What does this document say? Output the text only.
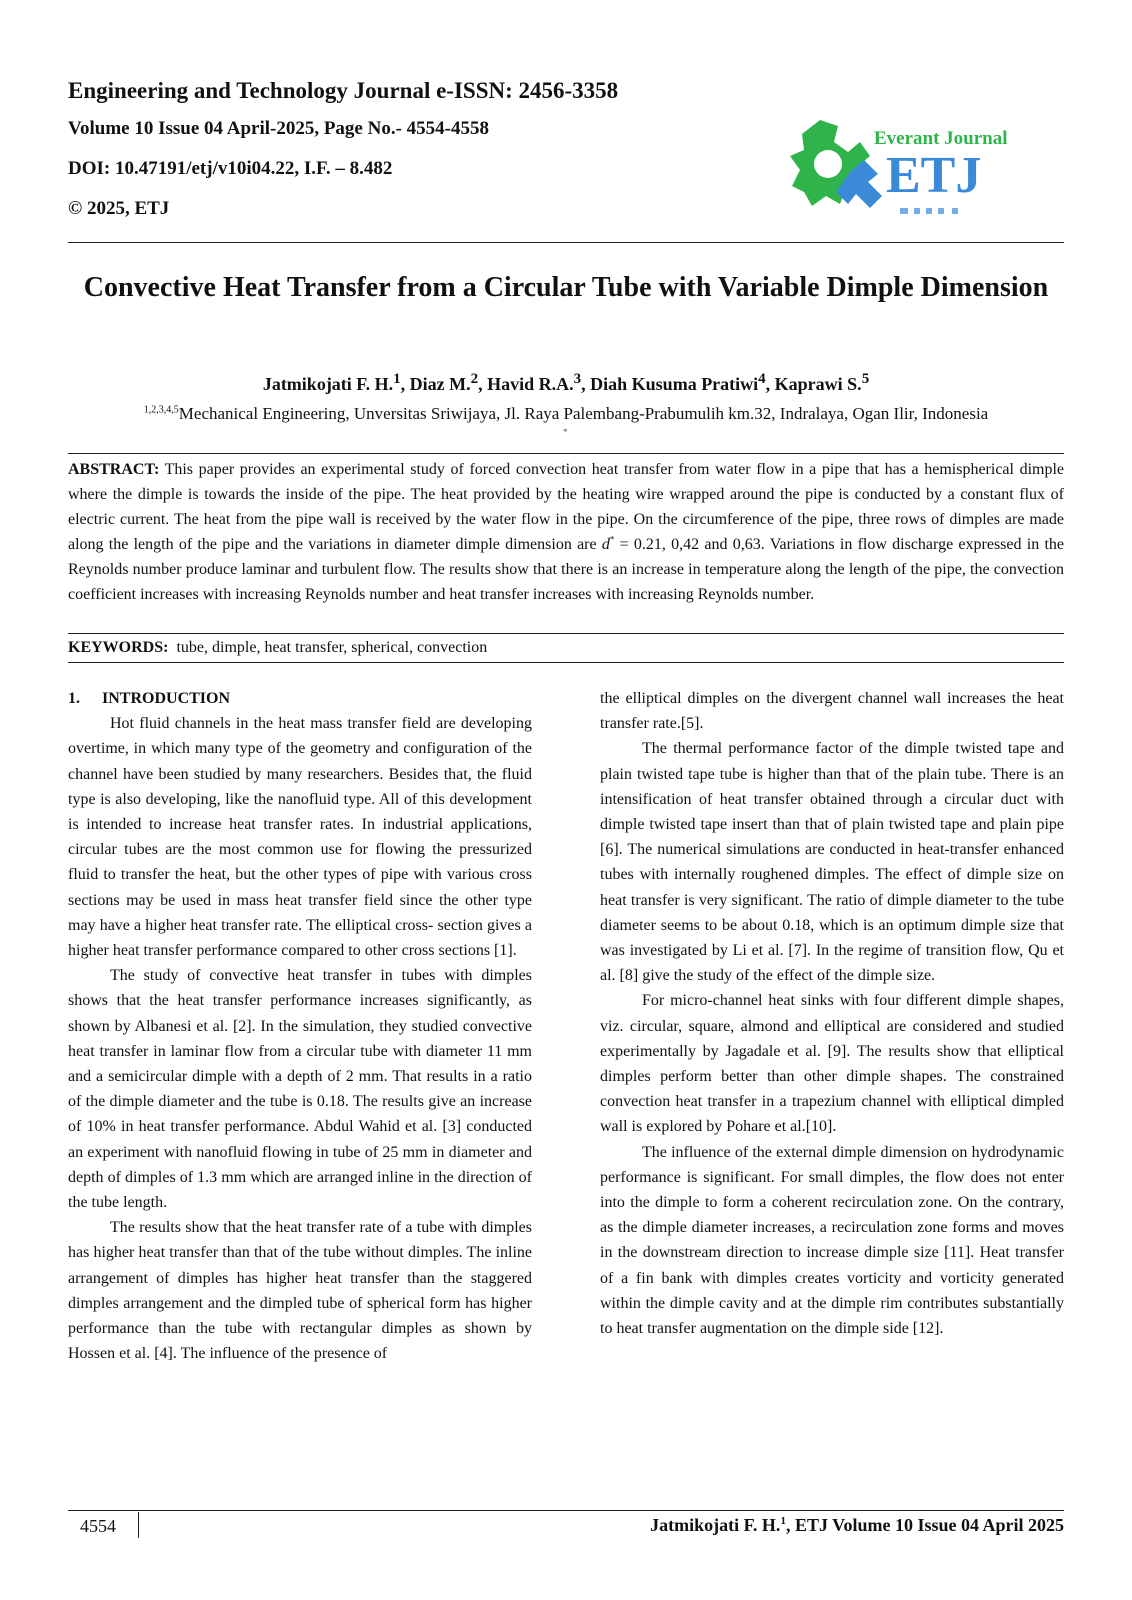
Engineering and Technology Journal e-ISSN: 2456-3358
Volume 10 Issue 04 April-2025, Page No.- 4554-4558
DOI: 10.47191/etj/v10i04.22, I.F. – 8.482
© 2025, ETJ
Everant Journal
ETJ
Convective Heat Transfer from a Circular Tube with Variable Dimple Dimension
Jatmikojati F. H.$^1$, Diaz M.$^2$, Havid R.A.$^3$, Diah Kusuma Pratiwi$^4$, Kaprawi S.$^5$
$^{1,2,3,4,5}$Mechanical Engineering, Unversitas Sriwijaya, Jl. Raya Palembang-Prabumulih km.32, Indralaya, Ogan Ilir, Indonesia
*

ABSTRACT: This paper provides an experimental study of forced convection heat transfer from water flow in a pipe that has a hemispherical dimple where the dimple is towards the inside of the pipe. The heat provided by the heating wire wrapped around the pipe is conducted by a constant flux of electric current. The heat from the pipe wall is received by the water flow in the pipe. On the circumference of the pipe, three rows of dimples are made along the length of the pipe and the variations in diameter dimple dimension are d* = 0.21, 0,42 and 0,63. Variations in flow discharge expressed in the Reynolds number produce laminar and turbulent flow. The results show that there is an increase in temperature along the length of the pipe, the convection coefficient increases with increasing Reynolds number and heat transfer increases with increasing Reynolds number.

KEYWORDS:  tube, dimple, heat transfer, spherical, convection
1. INTRODUCTION

Hot fluid channels in the heat mass transfer field are developing overtime, in which many type of the geometry and configuration of the channel have been studied by many researchers. Besides that, the fluid type is also developing, like the nanofluid type. All of this development is intended to increase heat transfer rates. In industrial applications, circular tubes are the most common use for flowing the pressurized fluid to transfer the heat, but the other types of pipe with various cross sections may be used in mass heat transfer field since the other type may have a higher heat transfer rate. The elliptical cross- section gives a higher heat transfer performance compared to other cross sections [1].

The study of convective heat transfer in tubes with dimples shows that the heat transfer performance increases significantly, as shown by Albanesi et al. [2]. In the simulation, they studied convective heat transfer in laminar flow from a circular tube with diameter 11 mm and a semicircular dimple with a depth of 2 mm. That results in a ratio of the dimple diameter and the tube is 0.18. The results give an increase of 10% in heat transfer performance. Abdul Wahid et al. [3] conducted an experiment with nanofluid flowing in tube of 25 mm in diameter and depth of dimples of 1.3 mm which are arranged inline in the direction of the tube length.

The results show that the heat transfer rate of a tube with dimples has higher heat transfer than that of the tube without dimples. The inline arrangement of dimples has higher heat transfer than the staggered dimples arrangement and the dimpled tube of spherical form has higher performance than the tube with rectangular dimples as shown by Hossen et al. [4]. The influence of the presence of

the elliptical dimples on the divergent channel wall increases the heat transfer rate.[5].

The thermal performance factor of the dimple twisted tape and plain twisted tape tube is higher than that of the plain tube. There is an intensification of heat transfer obtained through a circular duct with dimple twisted tape insert than that of plain twisted tape and plain pipe [6]. The numerical simulations are conducted in heat-transfer enhanced tubes with internally roughened dimples. The effect of dimple size on heat transfer is very significant. The ratio of dimple diameter to the tube diameter seems to be about 0.18, which is an optimum dimple size that was investigated by Li et al. [7]. In the regime of transition flow, Qu et al. [8] give the study of the effect of the dimple size.

For micro-channel heat sinks with four different dimple shapes, viz. circular, square, almond and elliptical are considered and studied experimentally by Jagadale et al. [9]. The results show that elliptical dimples perform better than other dimple shapes. The constrained convection heat transfer in a trapezium channel with elliptical dimpled wall is explored by Pohare et al.[10].

The influence of the external dimple dimension on hydrodynamic performance is significant. For small dimples, the flow does not enter into the dimple to form a coherent recirculation zone. On the contrary, as the dimple diameter increases, a recirculation zone forms and moves in the downstream direction to increase dimple size [11]. Heat transfer of a fin bank with dimples creates vorticity and vorticity generated within the dimple cavity and at the dimple rim contributes substantially to heat transfer augmentation on the dimple side [12].

4554	Jatmikojati F. H.$^1$, ETJ Volume 10 Issue 04 April 2025
